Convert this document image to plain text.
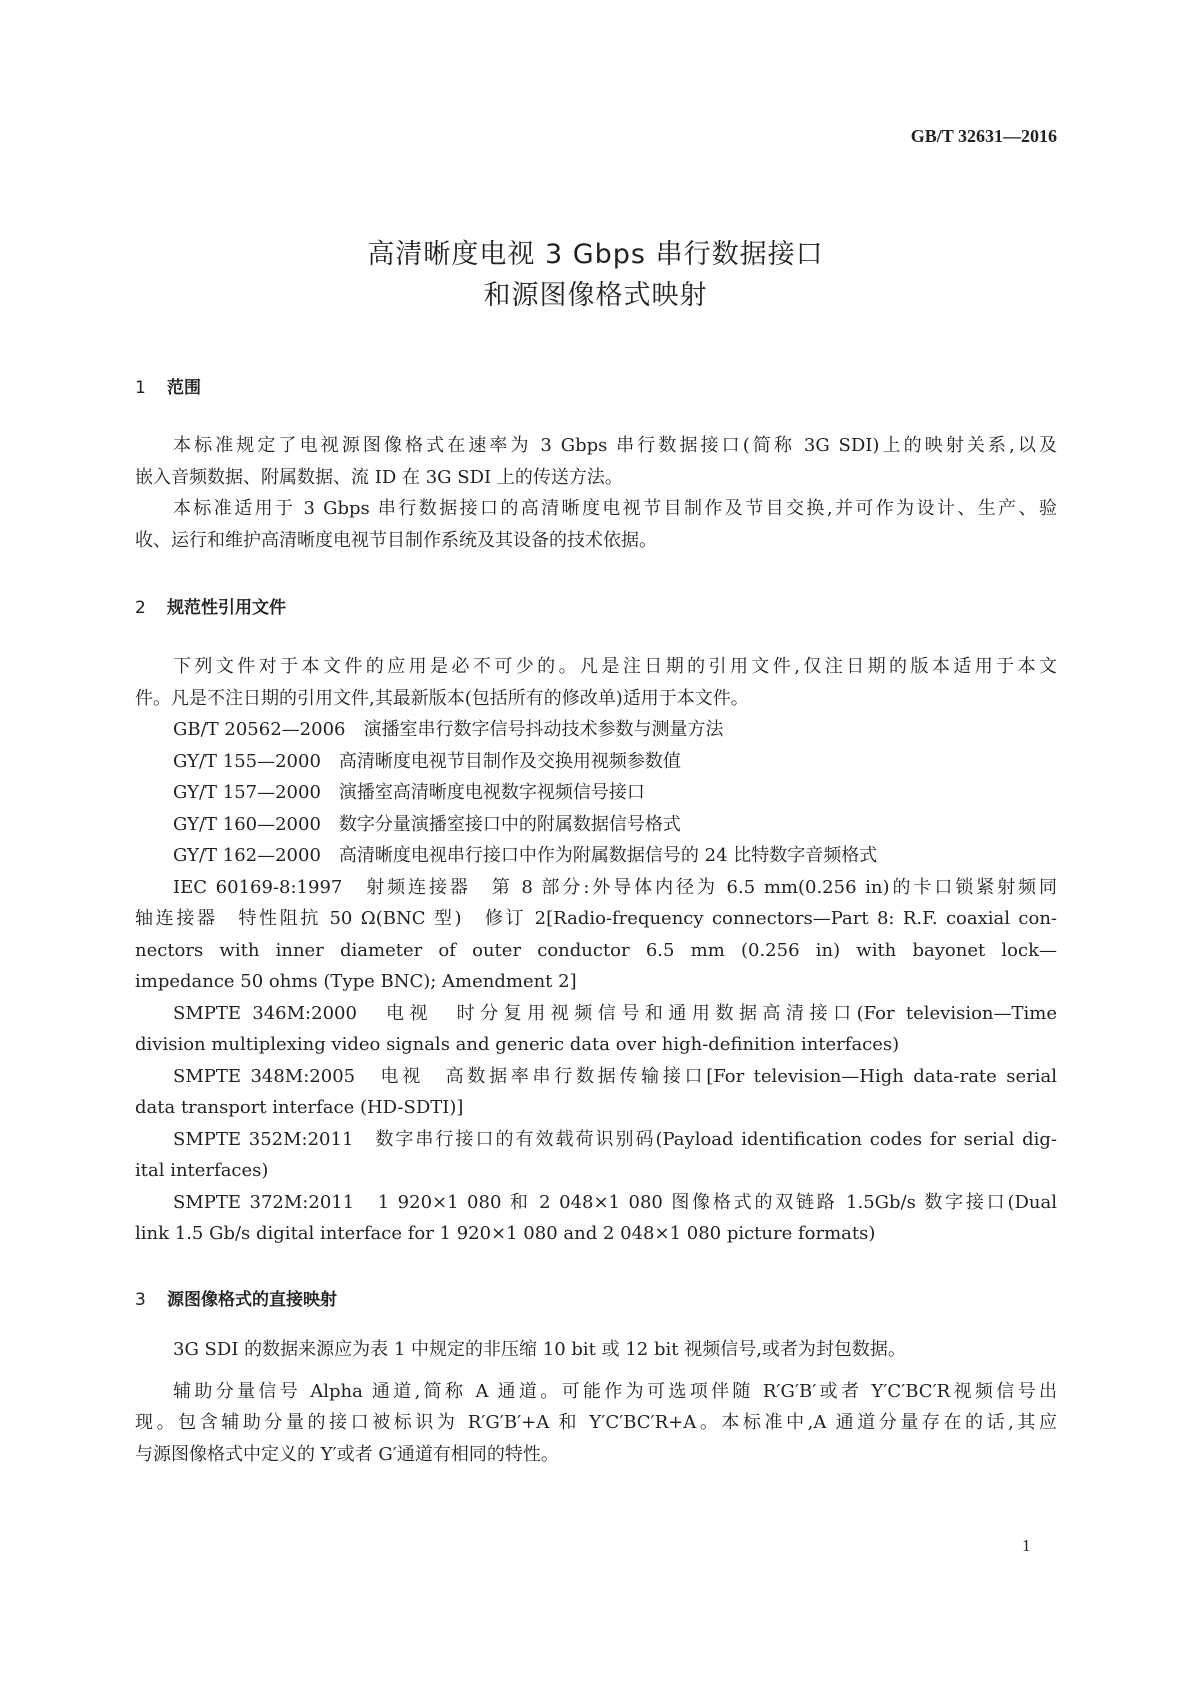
GB/T 32631—2016
高清晰度电视 3 Gbps 串行数据接口
和源图像格式映射
1 范围
本标准规定了电视源图像格式在速率为 3 Gbps 串行数据接口(简称 3G SDI)上的映射关系,以及
嵌入音频数据、附属数据、流 ID 在 3G SDI 上的传送方法。
本标准适用于 3 Gbps 串行数据接口的高清晰度电视节目制作及节目交换,并可作为设计、生产、验
收、运行和维护高清晰度电视节目制作系统及其设备的技术依据。
2 规范性引用文件
下列文件对于本文件的应用是必不可少的。凡是注日期的引用文件,仅注日期的版本适用于本文
件。凡是不注日期的引用文件,其最新版本(包括所有的修改单)适用于本文件。
GB/T 20562—2006　演播室串行数字信号抖动技术参数与测量方法
GY/T 155—2000　高清晰度电视节目制作及交换用视频参数值
GY/T 157—2000　演播室高清晰度电视数字视频信号接口
GY/T 160—2000　数字分量演播室接口中的附属数据信号格式
GY/T 162—2000　高清晰度电视串行接口中作为附属数据信号的 24 比特数字音频格式
IEC 60169-8:1997　射频连接器　第 8 部分:外导体内径为 6.5 mm(0.256 in)的卡口锁紧射频同
轴连接器　特性阻抗 50 Ω(BNC 型)　修订 2[Radio-frequency connectors—Part 8: R.F. coaxial con-
nectors with inner diameter of outer conductor 6.5 mm (0.256 in) with bayonet lock—
impedance 50 ohms (Type BNC); Amendment 2]
SMPTE 346M:2000　电视　时分复用视频信号和通用数据高清接口(For television—Time
division multiplexing video signals and generic data over high-definition interfaces)
SMPTE 348M:2005　电视　高数据率串行数据传输接口[For television—High data-rate serial
data transport interface (HD-SDTI)]
SMPTE 352M:2011　数字串行接口的有效载荷识别码(Payload identification codes for serial dig-
ital interfaces)
SMPTE 372M:2011　1 920×1 080 和 2 048×1 080 图像格式的双链路 1.5Gb/s 数字接口(Dual
link 1.5 Gb/s digital interface for 1 920×1 080 and 2 048×1 080 picture formats)
3 源图像格式的直接映射
3G SDI 的数据来源应为表 1 中规定的非压缩 10 bit 或 12 bit 视频信号,或者为封包数据。
辅助分量信号 Alpha 通道,简称 A 通道。可能作为可选项伴随 R′G′B′或者 Y′C′BC′R视频信号出
现。包含辅助分量的接口被标识为 R′G′B′+A 和 Y′C′BC′R+A。本标准中,A 通道分量存在的话,其应
与源图像格式中定义的 Y′或者 G′通道有相同的特性。
1
